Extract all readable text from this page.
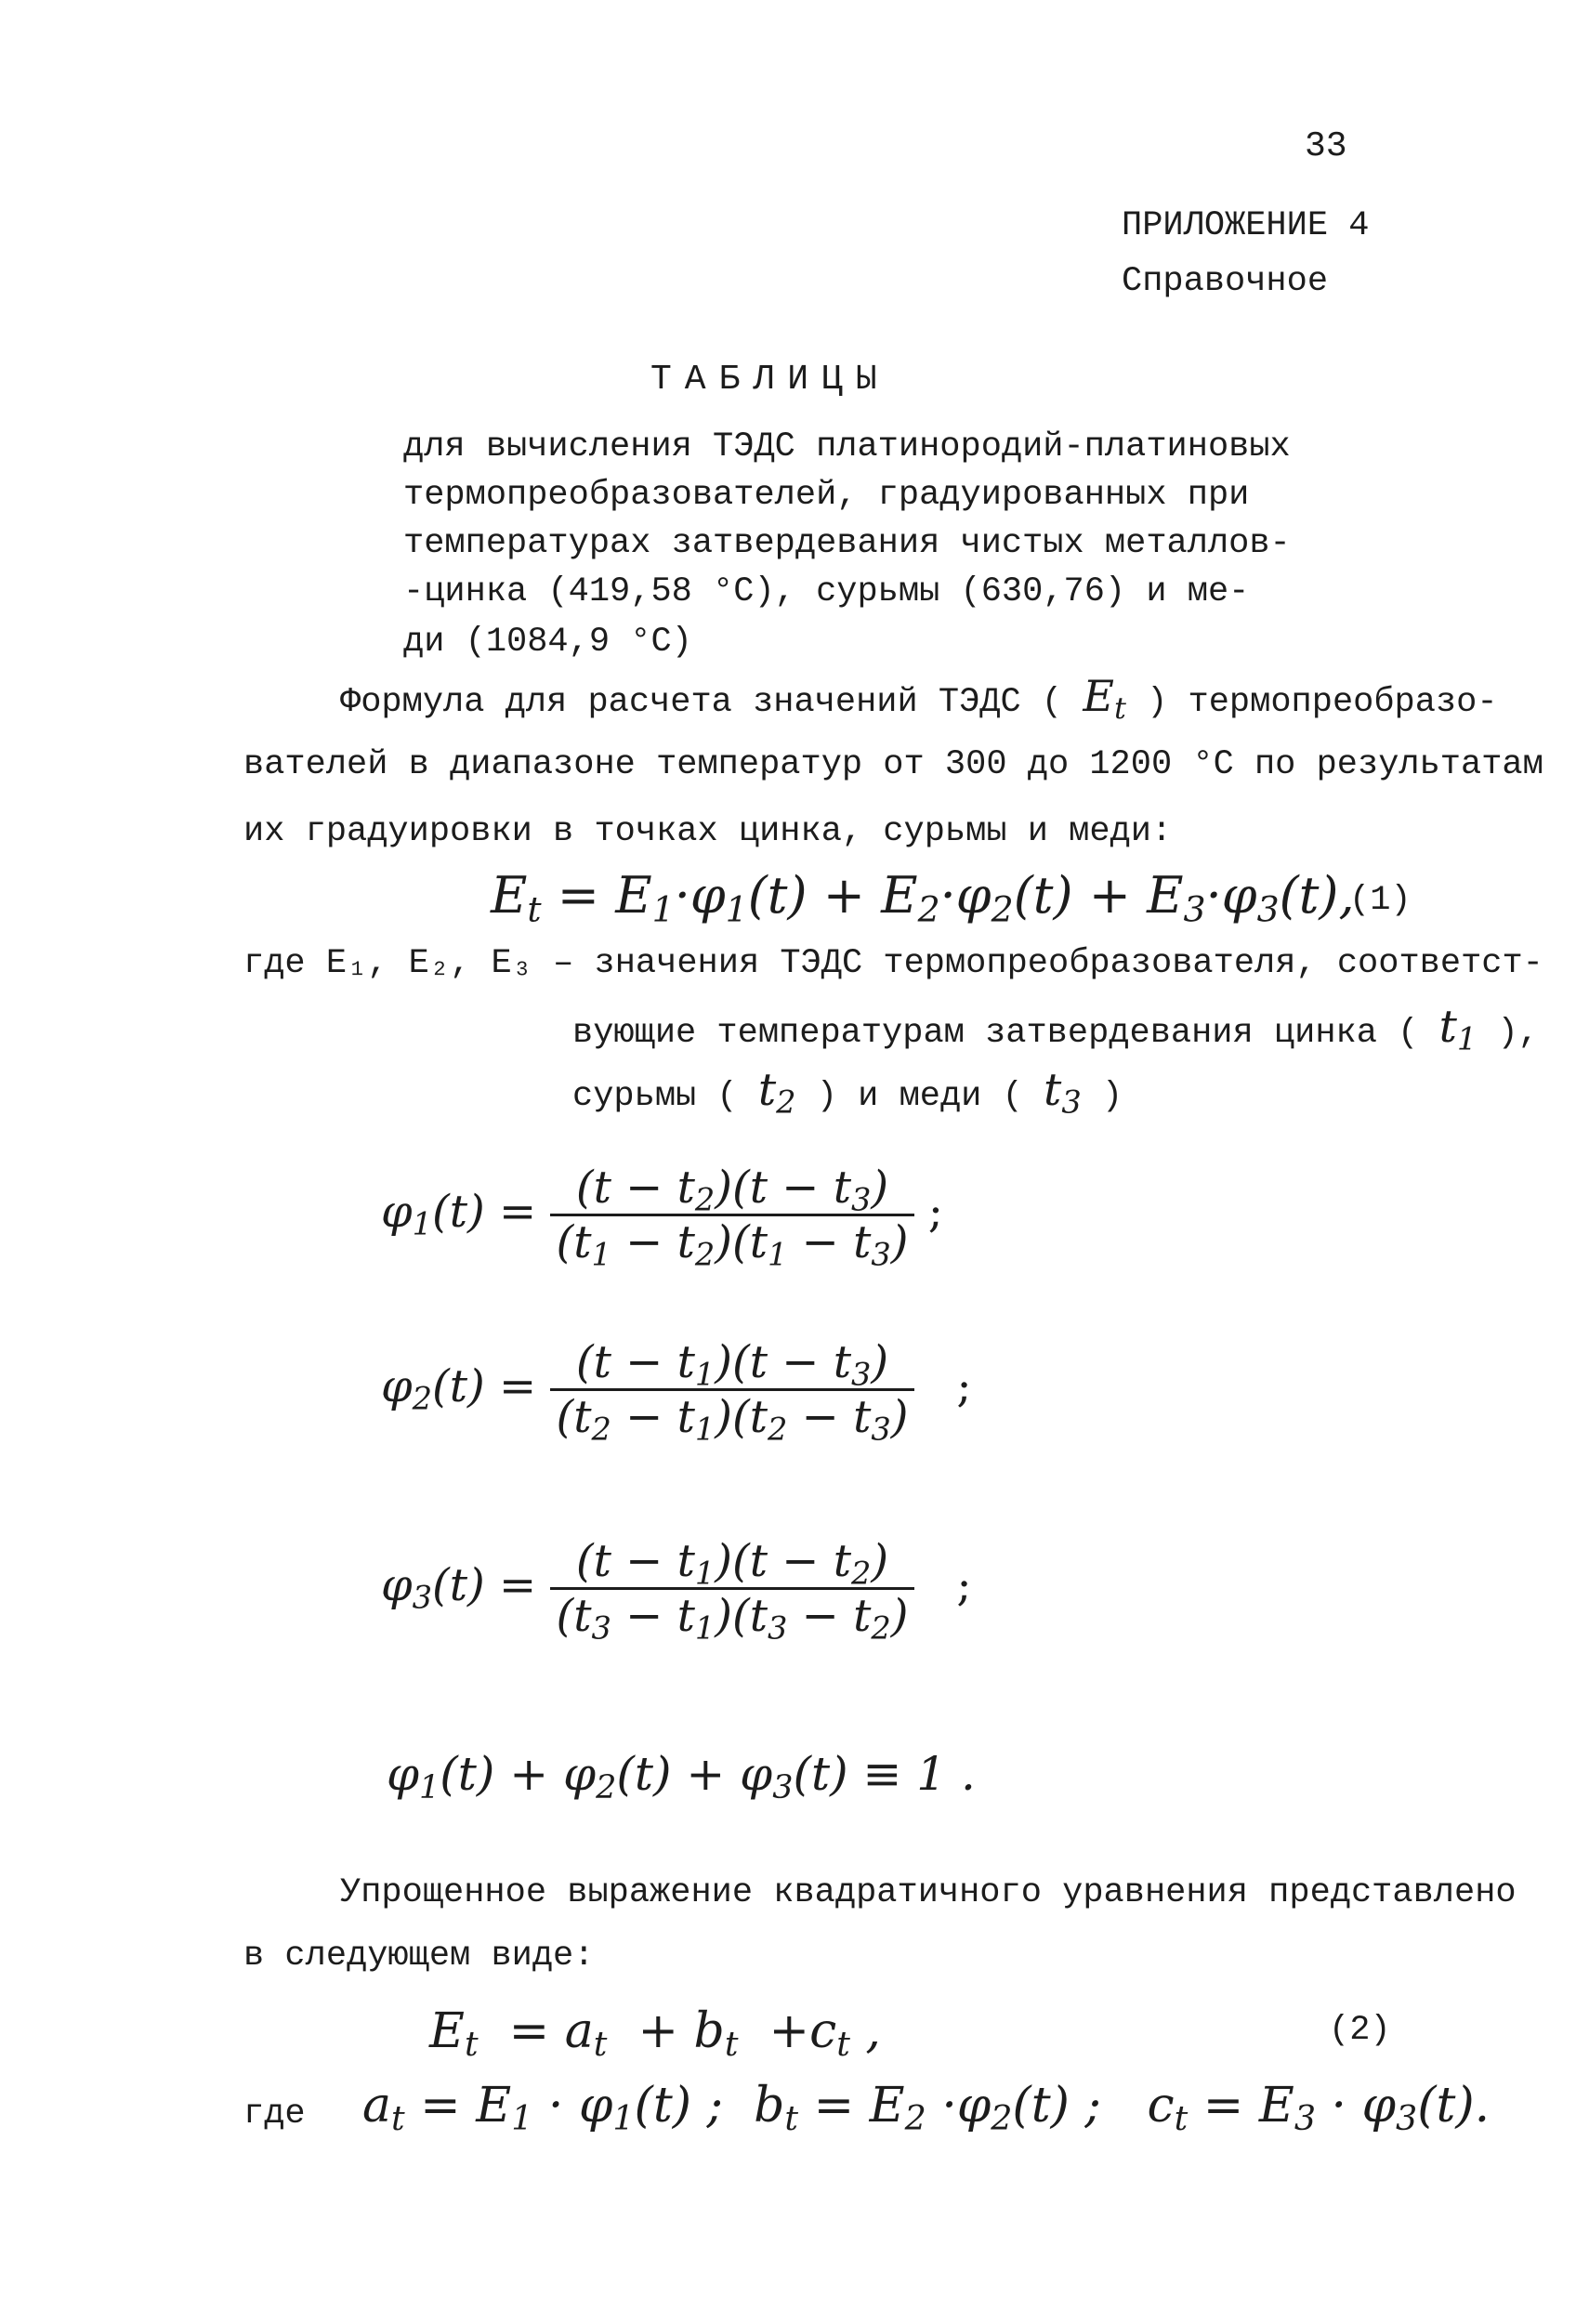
33
ПРИЛОЖЕНИЕ 4
Справочное
ТАБЛИЦЫ
для вычисления ТЭДС платинородий-платиновых
термопреобразователей, градуированных при
температурах затвердевания чистых металлов-
-цинка (419,58 °С), сурьмы (630,76) и ме-
ди (1084,9 °С)
Формула для расчета значений ТЭДС ( $E_t$ ) термопреобразо-
вателей в диапазоне температур от 300 до 1200 °С по результатам
их градуировки в точках цинка, сурьмы и меди:
$E_t = E_1\cdot\varphi_1(t) + E_2\cdot\varphi_2(t) + E_3\cdot\varphi_3(t)$,
(1)
где E₁, E₂, E₃ – значения ТЭДС термопреобразователя, соответст-
вующие температурам затвердевания цинка ( $t_1$ ),
сурьмы ( $t_2$ ) и меди ( $t_3$ )
$\varphi_1(t) = \frac{(t - t_2)(t - t_3)}{(t_1 - t_2)(t_1 - t_3)}$ ;
$\varphi_2(t) = \frac{(t - t_1)(t - t_3)}{(t_2 - t_1)(t_2 - t_3)}$ ;
$\varphi_3(t) = \frac{(t - t_1)(t - t_2)}{(t_3 - t_1)(t_3 - t_2)}$ ;
$\varphi_1(t) + \varphi_2(t) + \varphi_3(t) \equiv 1$ .
Упрощенное выражение квадратичного уравнения представлено
в следующем виде:
$E_t = a_t + b_t +c_t$ ,	(2)
где $a_t = E_1 \cdot \varphi_1(t)$ ;  $b_t = E_2 \cdot\varphi_2(t)$ ;   $c_t = E_3 \cdot \varphi_3(t)$.
